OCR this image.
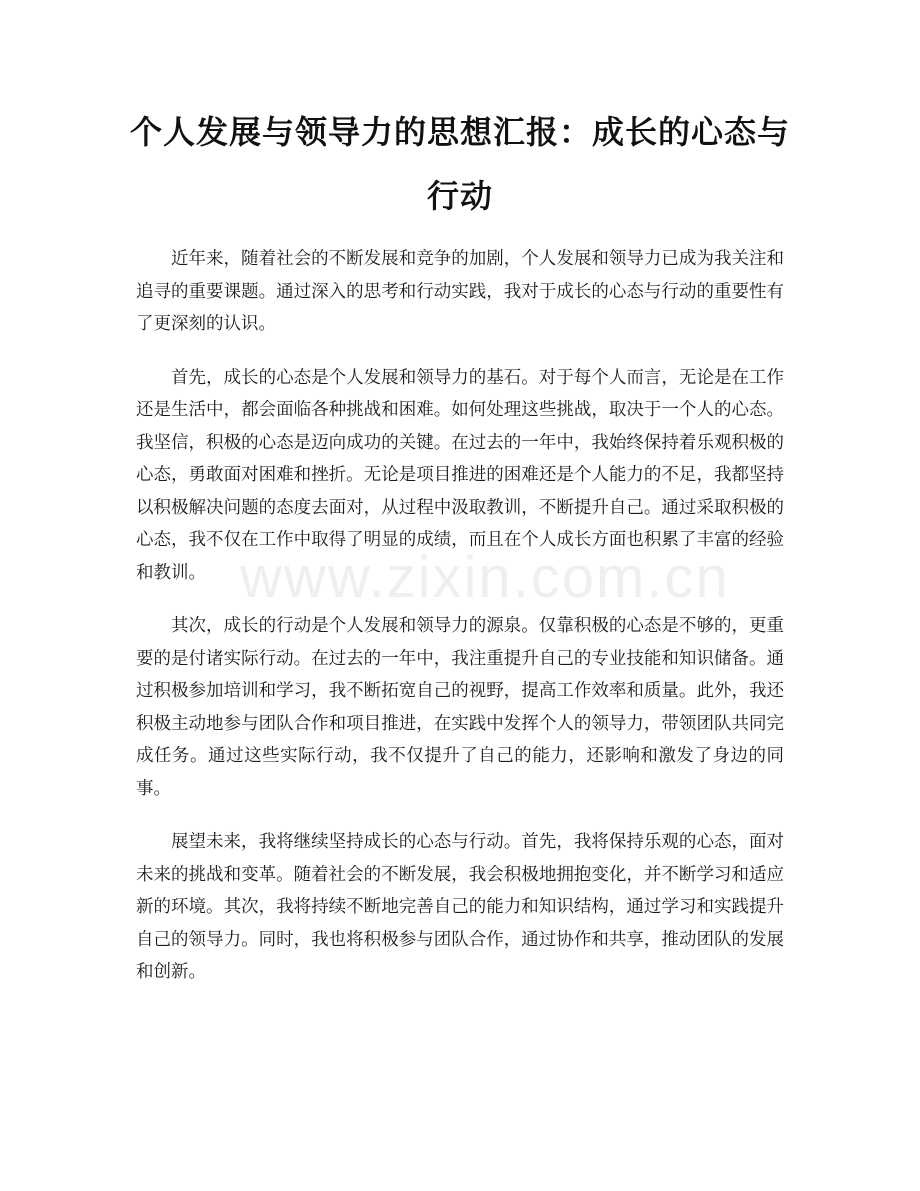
个人发展与领导力的思想汇报：成长的心态与行动

近年来，随着社会的不断发展和竞争的加剧，个人发展和领导力已成为我关注和追寻的重要课题。通过深入的思考和行动实践，我对于成长的心态与行动的重要性有了更深刻的认识。

首先，成长的心态是个人发展和领导力的基石。对于每个人而言，无论是在工作还是生活中，都会面临各种挑战和困难。如何处理这些挑战，取决于一个人的心态。我坚信，积极的心态是迈向成功的关键。在过去的一年中，我始终保持着乐观积极的心态，勇敢面对困难和挫折。无论是项目推进的困难还是个人能力的不足，我都坚持以积极解决问题的态度去面对，从过程中汲取教训，不断提升自己。通过采取积极的心态，我不仅在工作中取得了明显的成绩，而且在个人成长方面也积累了丰富的经验和教训。

其次，成长的行动是个人发展和领导力的源泉。仅靠积极的心态是不够的，更重要的是付诸实际行动。在过去的一年中，我注重提升自己的专业技能和知识储备。通过积极参加培训和学习，我不断拓宽自己的视野，提高工作效率和质量。此外，我还积极主动地参与团队合作和项目推进，在实践中发挥个人的领导力，带领团队共同完成任务。通过这些实际行动，我不仅提升了自己的能力，还影响和激发了身边的同事。

展望未来，我将继续坚持成长的心态与行动。首先，我将保持乐观的心态，面对未来的挑战和变革。随着社会的不断发展，我会积极地拥抱变化，并不断学习和适应新的环境。其次，我将持续不断地完善自己的能力和知识结构，通过学习和实践提升自己的领导力。同时，我也将积极参与团队合作，通过协作和共享，推动团队的发展和创新。

www.zixin.com.cn
